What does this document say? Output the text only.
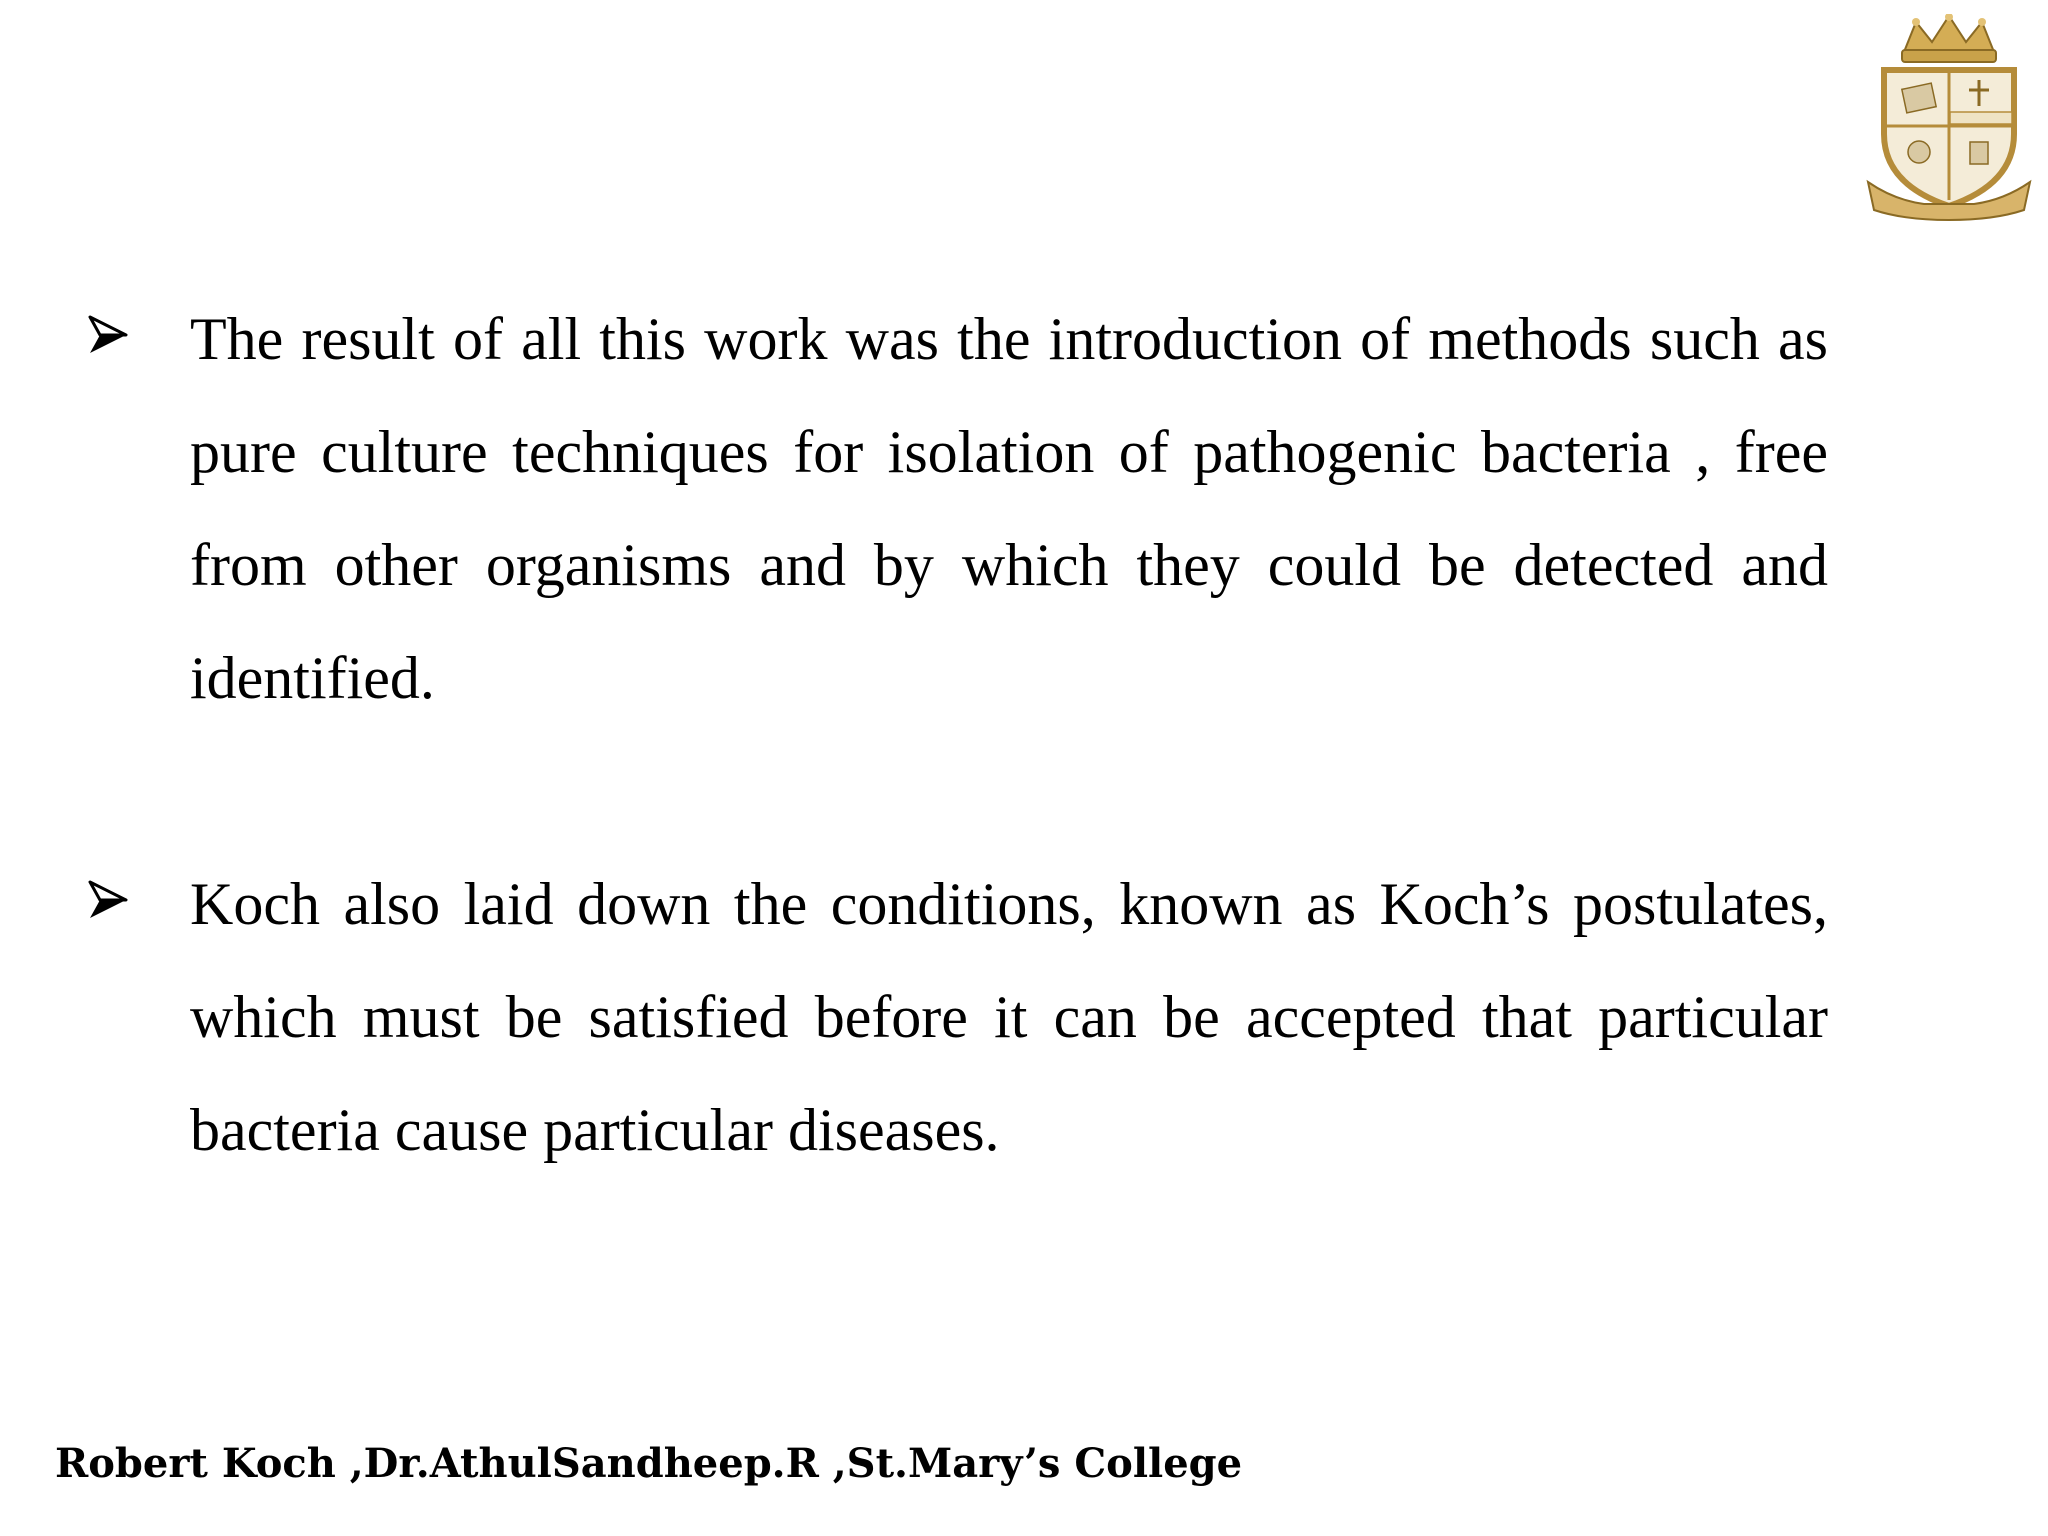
The result of all this work was the introduction of methods such as pure culture techniques for isolation of pathogenic bacteria , free from other organisms and by which they could be detected and identified.
Koch also laid down the conditions, known as Koch’s postulates, which must be satisfied before it can be accepted that particular bacteria cause particular diseases.
Robert Koch ,Dr.AthulSandheep.R ,St.Mary’s College
